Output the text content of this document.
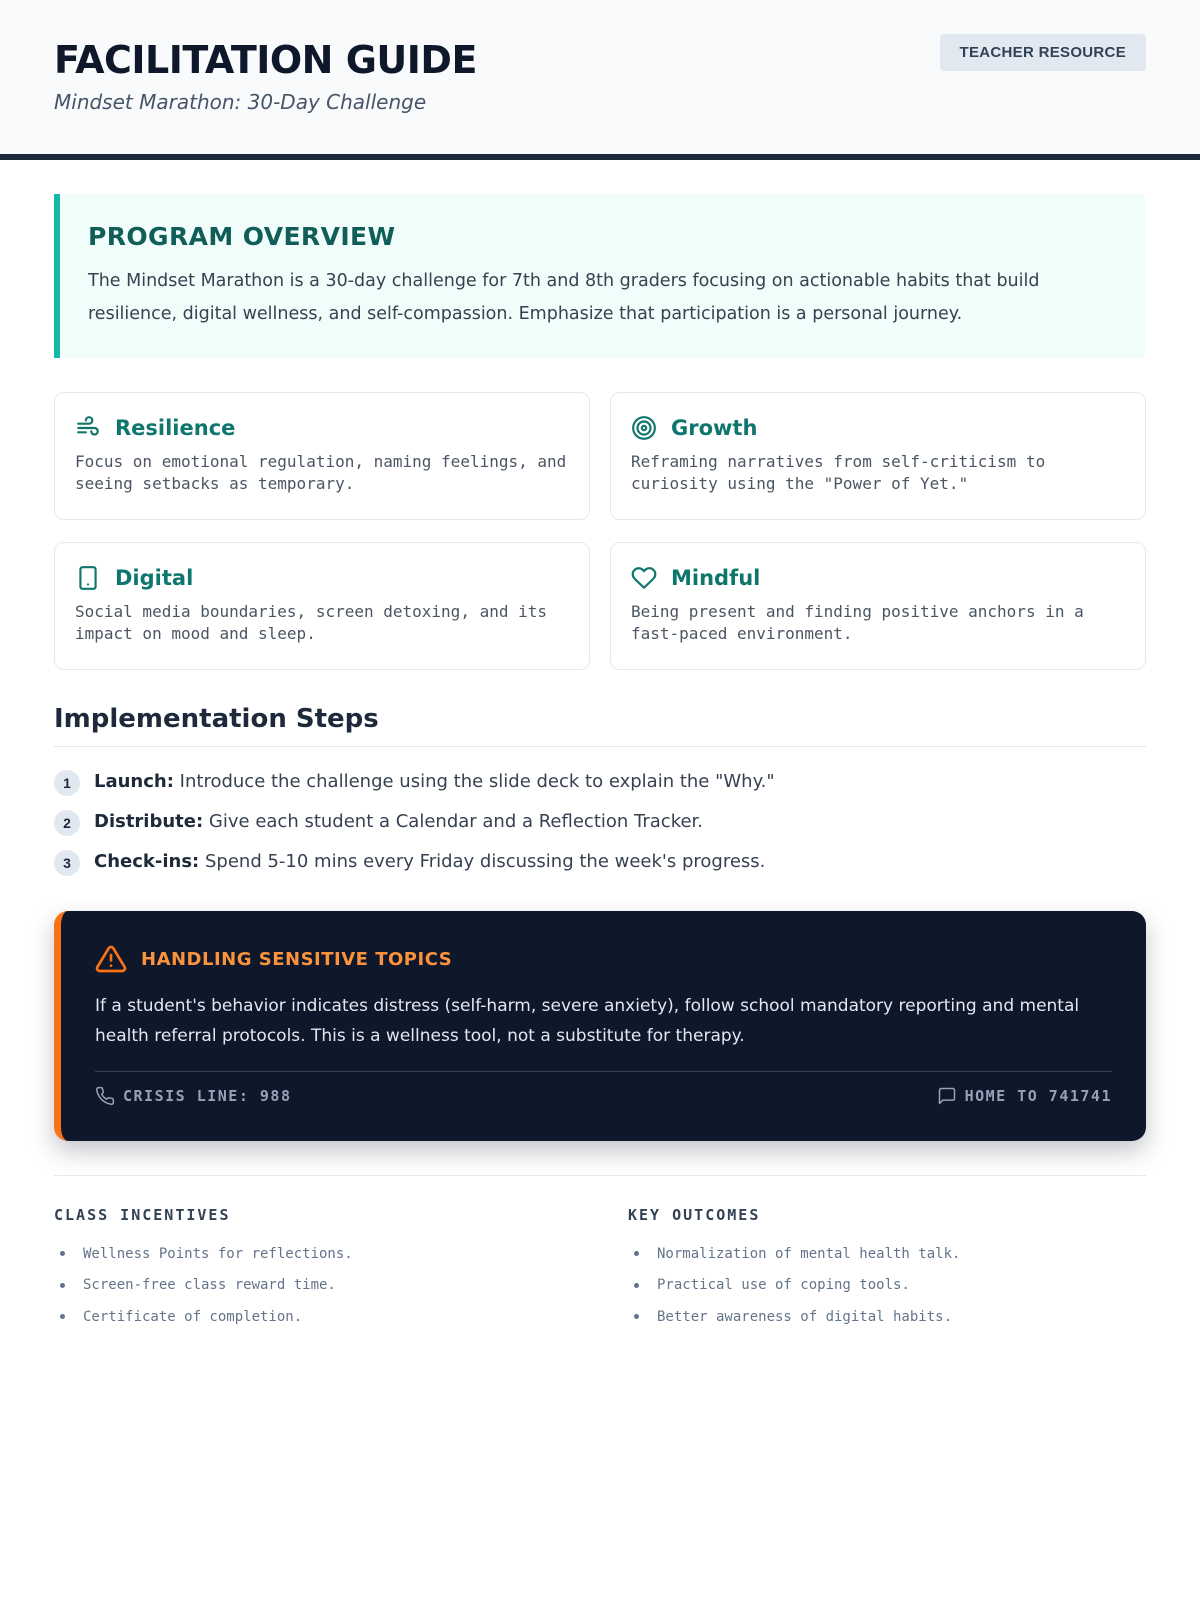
FACILITATION GUIDE
Mindset Marathon: 30-Day Challenge
TEACHER RESOURCE
PROGRAM OVERVIEW

The Mindset Marathon is a 30-day challenge for 7th and 8th graders focusing on actionable habits that build resilience, digital wellness, and self-compassion. Emphasize that participation is a personal journey.

Resilience
Focus on emotional regulation, naming feelings, and seeing setbacks as temporary.
Growth
Reframing narratives from self-criticism to curiosity using the "Power of Yet."
Digital
Social media boundaries, screen detoxing, and its impact on mood and sleep.
Mindful
Being present and finding positive anchors in a fast-paced environment.
Implementation Steps
1	Launch: Introduce the challenge using the slide deck to explain the "Why."
2	Distribute: Give each student a Calendar and a Reflection Tracker.
3	Check-ins: Spend 5-10 mins every Friday discussing the week's progress.
HANDLING SENSITIVE TOPICS

If a student's behavior indicates distress (self-harm, severe anxiety), follow school mandatory reporting and mental health referral protocols. This is a wellness tool, not a substitute for therapy.

CRISIS LINE: 988	HOME TO 741741
CLASS INCENTIVES
Wellness Points for reflections.
Screen-free class reward time.
Certificate of completion.
KEY OUTCOMES
Normalization of mental health talk.
Practical use of coping tools.
Better awareness of digital habits.
